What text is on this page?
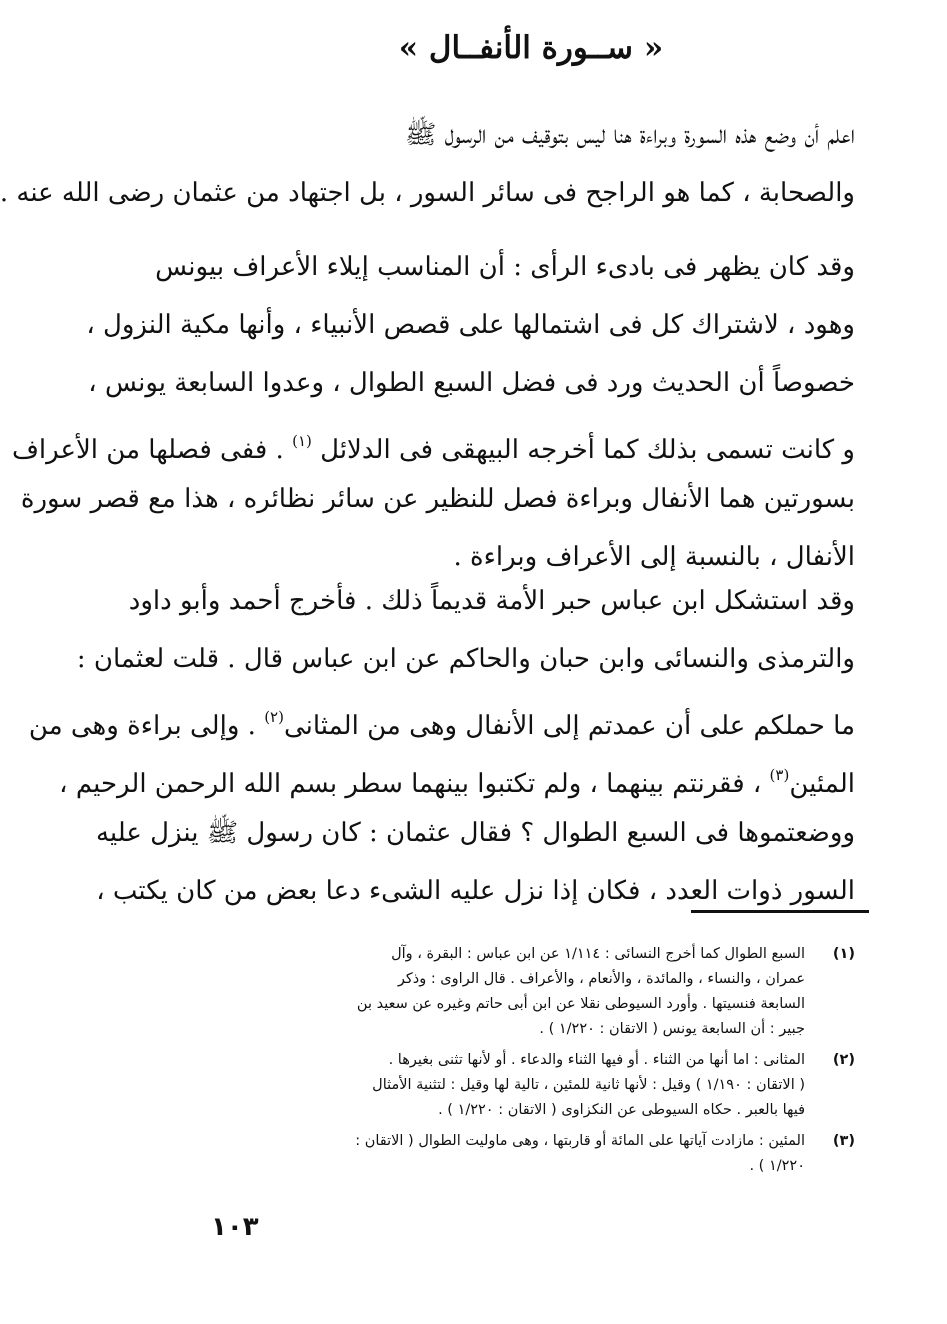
« ســورة الأنفــال »

اعلم أن وضع هذه السورة وبراءة هنا ليس بتوقيف من الرسول ﷺ
والصحابة ، كما هو الراجح فى سائر السور ، بل اجتهاد من عثمان رضى الله عنه .

وقد كان يظهر فى بادىء الرأى : أن المناسب إيلاء الأعراف بيونس
وهود ، لاشتراك كل فى اشتمالها على قصص الأنبياء ، وأنها مكية النزول ،
خصوصاً أن الحديث ورد فى فضل السبع الطوال ، وعدوا السابعة يونس ،
و كانت تسمى بذلك كما أخرجه البيهقى فى الدلائل $^{(١)}$ . ففى فصلها من الأعراف
بسورتين هما الأنفال وبراءة فصل للنظير عن سائر نظائره ، هذا مع قصر سورة
الأنفال ، بالنسبة إلى الأعراف وبراءة .

وقد استشكل ابن عباس حبر الأمة قديماً ذلك . فأخرج أحمد وأبو داود
والترمذى والنسائى وابن حبان والحاكم عن ابن عباس قال . قلت لعثمان :
ما حملكم على أن عمدتم إلى الأنفال وهى من المثانى$^{(٢)}$ . وإلى براءة وهى من
المئين$^{(٣)}$ ، فقرنتم بينهما ، ولم تكتبوا بينهما سطر بسم الله الرحمن الرحيم ،
ووضعتموها فى السبع الطوال ؟ فقال عثمان : كان رسول ﷺ ينزل عليه
السور ذوات العدد ، فكان إذا نزل عليه الشىء دعا بعض من كان يكتب ،

(١)
السبع الطوال كما أخرج النسائى : ١/١١٤ عن ابن عباس : البقرة ، وآل
عمران ، والنساء ، والمائدة ، والأنعام ، والأعراف . قال الراوى : وذكر
السابعة فنسيتها . وأورد السيوطى نقلا عن ابن أبى حاتم وغيره عن سعيد بن
جبير : أن السابعة يونس ( الاتقان : ١/٢٢٠ ) .
(٢)
المثانى : اما أنها من الثناء . أو فيها الثناء والدعاء . أو لأنها تثنى بغيرها .
( الاتقان : ١/١٩٠ ) وقيل : لأنها ثانية للمئين ، تالية لها وقيل : لتثنية الأمثال
فيها بالعبر . حكاه السيوطى عن النكزاوى ( الاتقان : ١/٢٢٠ ) .
(٣)
المئين : مازادت آياتها على المائة أو قاربتها ، وهى ماوليت الطوال ( الاتقان :
١/٢٢٠ ) .
١٠٣
